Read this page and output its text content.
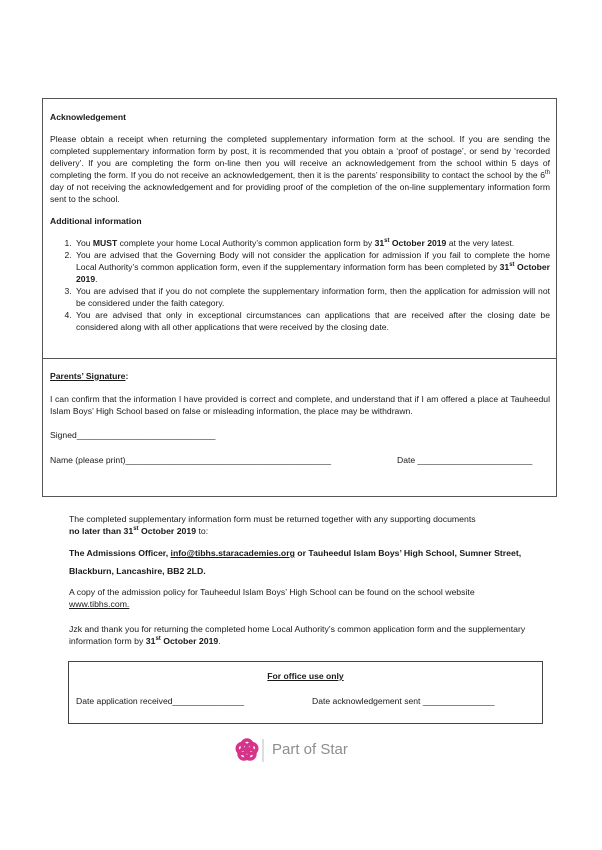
Acknowledgement

Please obtain a receipt when returning the completed supplementary information form at the school. If you are sending the completed supplementary information form by post, it is recommended that you obtain a ‘proof of postage’, or send by ‘recorded delivery’. If you are completing the form on-line then you will receive an acknowledgement from the school within 5 days of completing the form. If you do not receive an acknowledgement, then it is the parents’ responsibility to contact the school by the 6th day of not receiving the acknowledgement and for providing proof of the completion of the on-line supplementary information form sent to the school.

Additional information
1. You MUST complete your home Local Authority’s common application form by 31st October 2019 at the very latest.
2. You are advised that the Governing Body will not consider the application for admission if you fail to complete the home Local Authority’s common application form, even if the supplementary information form has been completed by 31st October 2019.
3. You are advised that if you do not complete the supplementary information form, then the application for admission will not be considered under the faith category.
4. You are advised that only in exceptional circumstances can applications that are received after the closing date be considered along with all other applications that were received by the closing date.
Parents’ Signature:

I can confirm that the information I have provided is correct and complete, and understand that if I am offered a place at Tauheedul Islam Boys’ High School based on false or misleading information, the place may be withdrawn.

Signed_____________________________
Name (please print)___________________________________________	Date ________________________

The completed supplementary information form must be returned together with any supporting documents

no later than 31st October 2019 to:

The Admissions Officer, info@tibhs.staracademies.org or Tauheedul Islam Boys’ High School, Sumner Street,

Blackburn, Lancashire, BB2 2LD.

A copy of the admission policy for Tauheedul Islam Boys’ High School can be found on the school website

www.tibhs.com.

Jzk and thank you for returning the completed home Local Authority’s common application form and the supplementary information form by 31st October 2019.

For office use only
Date application received_______________	Date acknowledgement sent _______________
Part of Star
